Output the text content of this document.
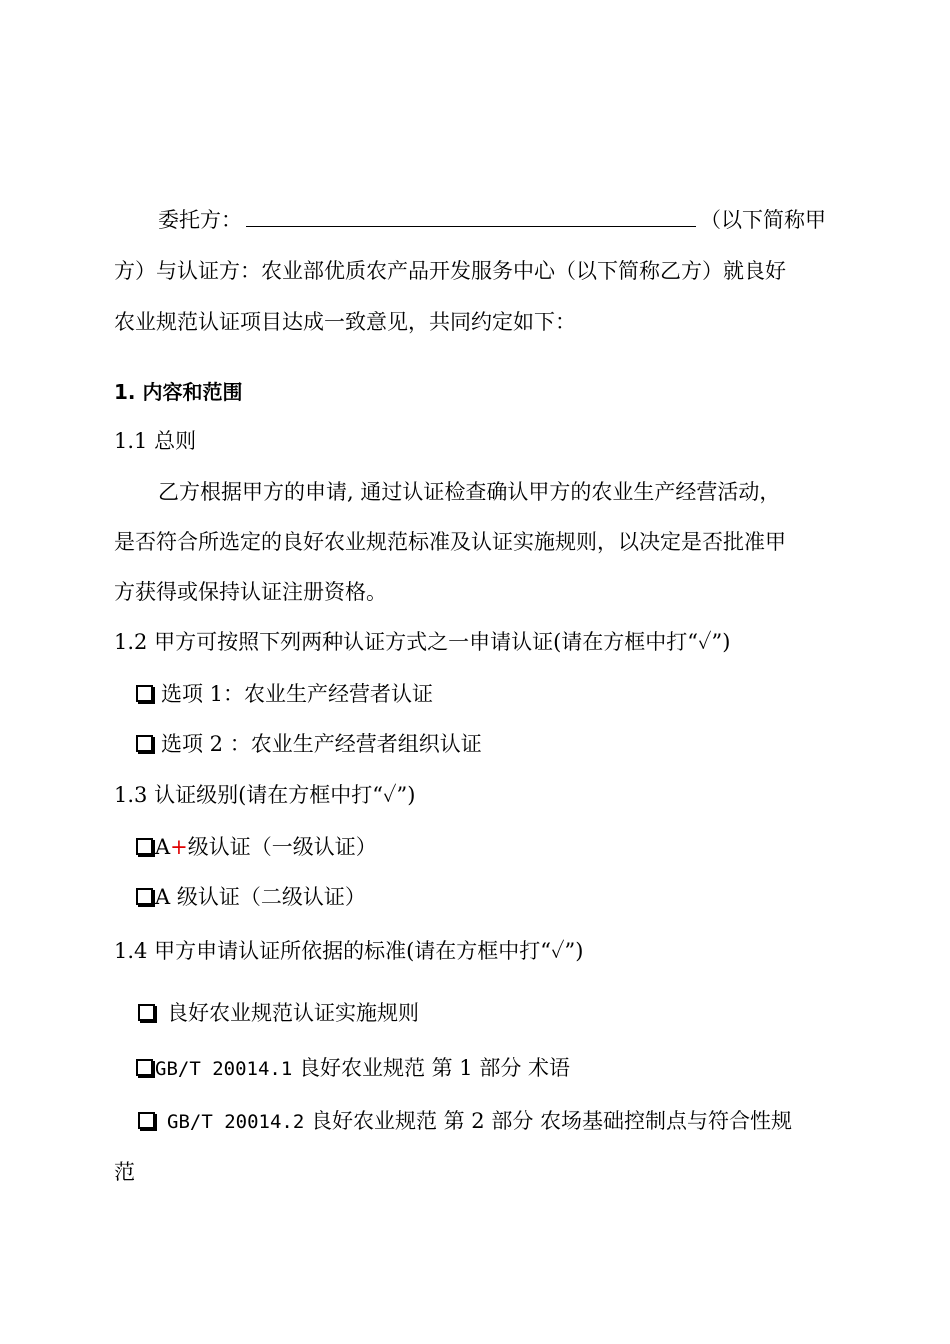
委托方：	（以下简称甲
方）与认证方：农业部优质农产品开发服务中心（以下简称乙方）就良好
农业规范认证项目达成一致意见，共同约定如下：
1. 内容和范围
1.1 总则
乙方根据甲方的申请, 通过认证检查确认甲方的农业生产经营活动，
是否符合所选定的良好农业规范标准及认证实施规则，以决定是否批准甲
方获得或保持认证注册资格。
1.2 甲方可按照下列两种认证方式之一申请认证(请在方框中打“✓”)
选项 1：农业生产经营者认证
选项 2 ：农业生产经营者组织认证
1.3 认证级别(请在方框中打“✓”)
A+级认证（一级认证）
A 级认证（二级认证）
1.4 甲方申请认证所依据的标准(请在方框中打“✓”)
良好农业规范认证实施规则
GB/T 20014.1 良好农业规范 第 1 部分 术语
GB/T 20014.2 良好农业规范 第 2 部分 农场基础控制点与符合性规
范
